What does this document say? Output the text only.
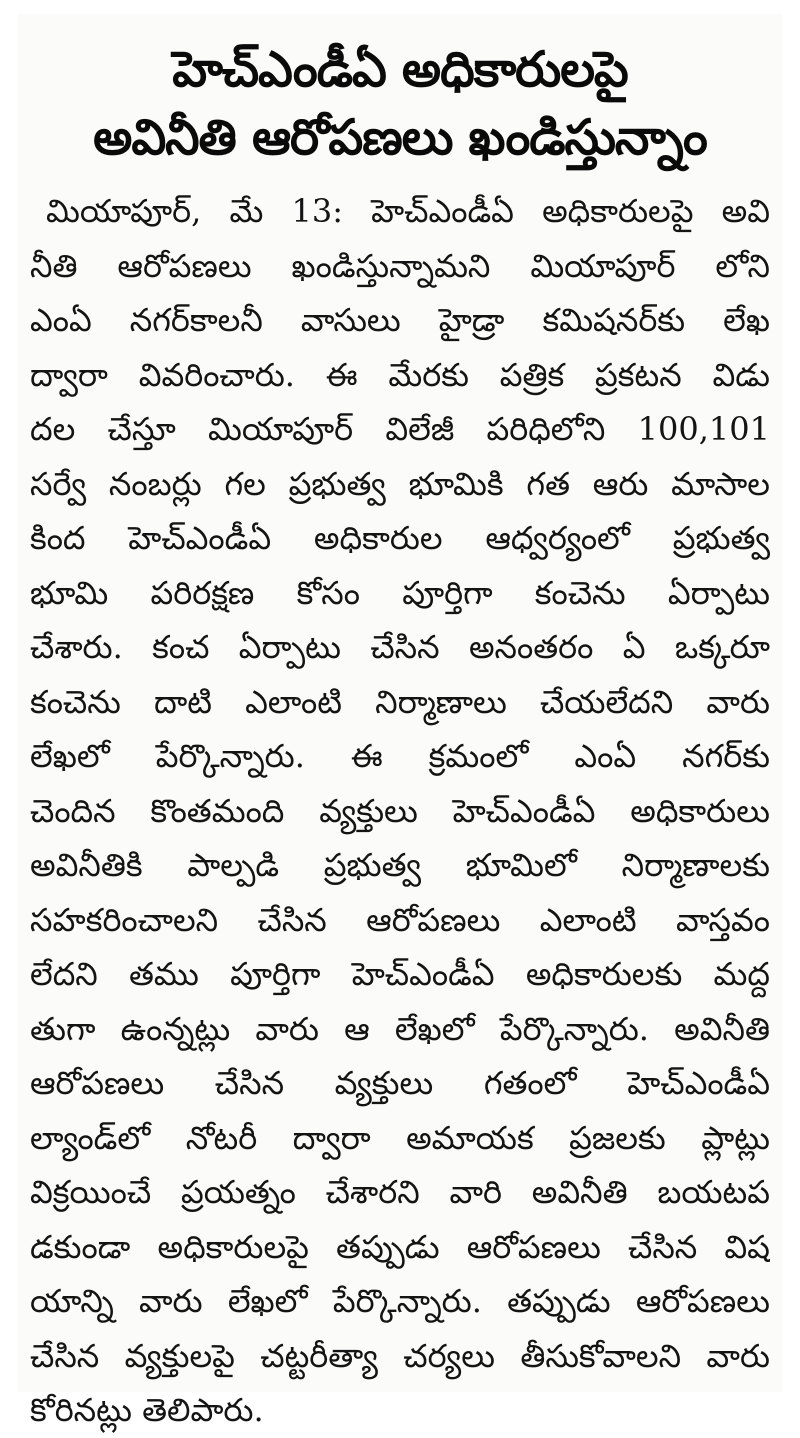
హెచ్‌ఎండీఏ అధికారులపై
అవినీతి ఆరోపణలు ఖండిస్తున్నాం
మియాపూర్, మే 13: హెచ్ఎండీఏ అధికారులపై అవి
నీతి ఆరోపణలు ఖండిస్తున్నామని మియాపూర్ లోని
ఎంఏ నగర్‌కాలనీ వాసులు హైడ్రా కమిషనర్‌కు లేఖ
ద్వారా వివరించారు. ఈ మేరకు పత్రిక ప్రకటన విడు
దల చేస్తూ మియాపూర్ విలేజీ పరిధిలోని 100,101
సర్వే నంబర్లు గల ప్రభుత్వ భూమికి గత ఆరు మాసాల
కింద హెచ్‌ఎండీఏ అధికారుల ఆధ్వర్యంలో ప్రభుత్వ
భూమి పరిరక్షణ కోసం పూర్తిగా కంచెను ఏర్పాటు
చేశారు. కంచ ఏర్పాటు చేసిన అనంతరం ఏ ఒక్కరూ
కంచెను దాటి ఎలాంటి నిర్మాణాలు చేయలేదని వారు
లేఖలో పేర్కొన్నారు. ఈ క్రమంలో ఎంఏ నగర్‌కు
చెందిన కొంతమంది వ్యక్తులు హెచ్‌ఎండీఏ అధికారులు
అవినీతికి పాల్పడి ప్రభుత్వ భూమిలో నిర్మాణాలకు
సహకరించాలని చేసిన ఆరోపణలు ఎలాంటి వాస్తవం
లేదని తము పూర్తిగా హెచ్‌ఎండీఏ అధికారులకు మద్ద
తుగా ఉంన్నట్లు వారు ఆ లేఖలో పేర్కొన్నారు. అవినీతి
ఆరోపణలు చేసిన వ్యక్తులు గతంలో హెచ్‌ఎండీఏ
ల్యాండ్‌లో నోటరీ ద్వారా అమాయక ప్రజలకు ప్లాట్లు
విక్రయించే ప్రయత్నం చేశారని వారి అవినీతి బయటప
డకుండా అధికారులపై తప్పుడు ఆరోపణలు చేసిన విష
యాన్ని వారు లేఖలో పేర్కొన్నారు. తప్పుడు ఆరోపణలు
చేసిన వ్యక్తులపై చట్టరీత్యా చర్యలు తీసుకోవాలని వారు
కోరినట్లు తెలిపారు.
